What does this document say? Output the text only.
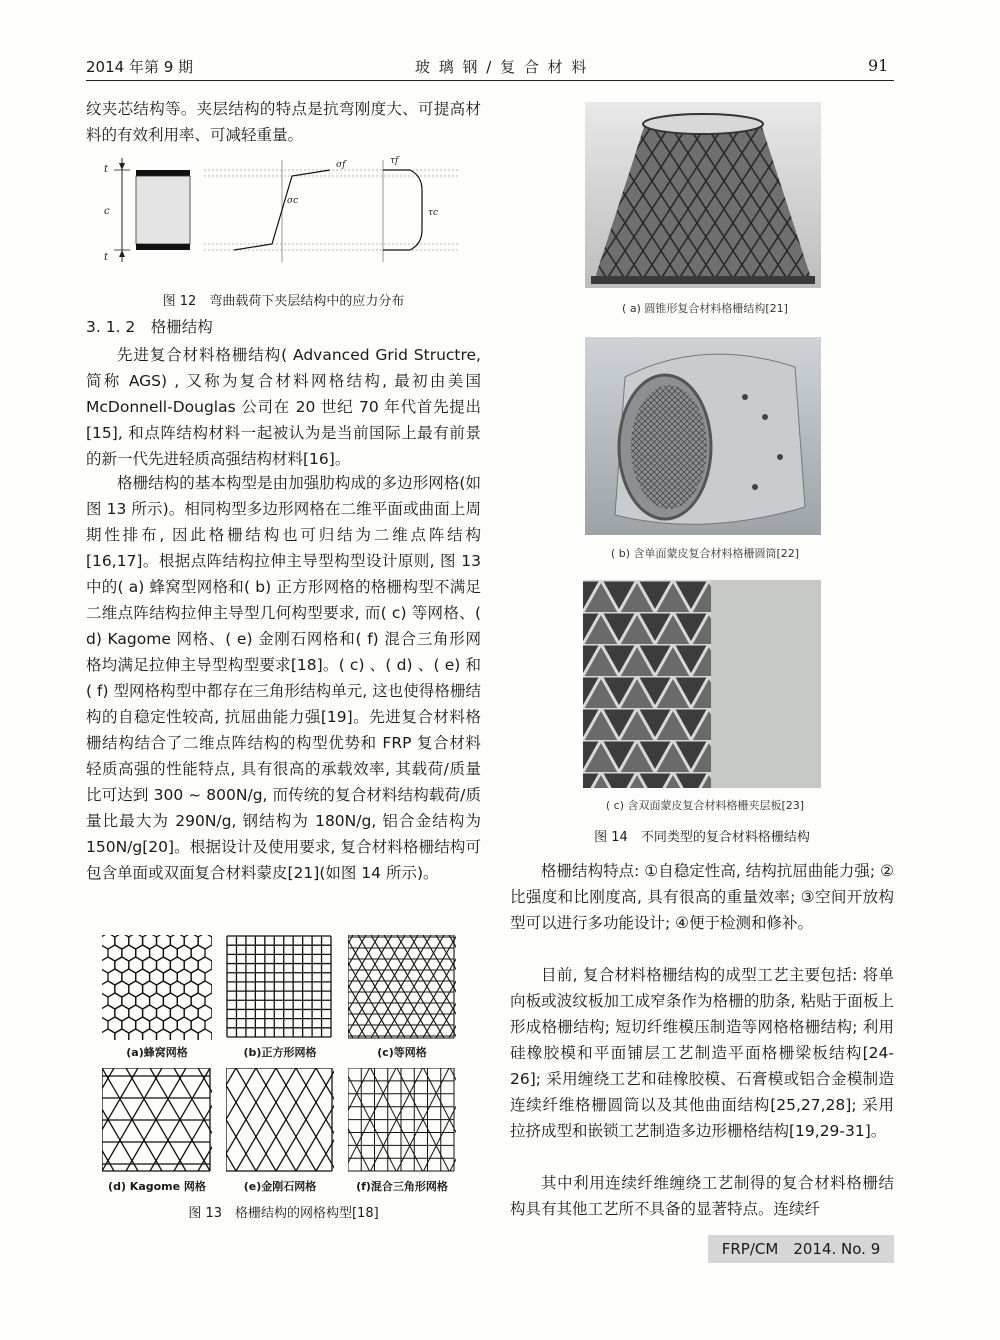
2014 年第 9 期	玻 璃 钢 / 复 合 材 料	91

纹夹芯结构等。夹层结构的特点是抗弯刚度大、可提高材料的有效利用率、可减轻重量。

t
c
t
σf
σc
τf
τc
图 12　弯曲载荷下夹层结构中的应力分布
3. 1. 2　格栅结构

先进复合材料格栅结构( Advanced Grid Structre, 简称 AGS) , 又称为复合材料网格结构, 最初由美国 McDonnell-Douglas 公司在 20 世纪 70 年代首先提出[15], 和点阵结构材料一起被认为是当前国际上最有前景的新一代先进轻质高强结构材料[16]。

格栅结构的基本构型是由加强肋构成的多边形网格(如图 13 所示)。相同构型多边形网格在二维平面或曲面上周期性排布, 因此格栅结构也可归结为二维点阵结构[16,17]。根据点阵结构拉伸主导型构型设计原则, 图 13 中的( a) 蜂窝型网格和( b) 正方形网格的格栅构型不满足二维点阵结构拉伸主导型几何构型要求, 而( c) 等网格、( d) Kagome 网格、( e) 金刚石网格和( f) 混合三角形网格均满足拉伸主导型构型要求[18]。( c) 、( d) 、( e) 和( f) 型网格构型中都存在三角形结构单元, 这也使得格栅结构的自稳定性较高, 抗屈曲能力强[19]。先进复合材料格栅结构结合了二维点阵结构的构型优势和 FRP 复合材料轻质高强的性能特点, 具有很高的承载效率, 其载荷/质量比可达到 300 ~ 800N/g, 而传统的复合材料结构载荷/质量比最大为 290N/g, 钢结构为 180N/g, 铝合金结构为 150N/g[20]。根据设计及使用要求, 复合材料格栅结构可包含单面或双面复合材料蒙皮[21](如图 14 所示)。

(a)蜂窝网格	(b)正方形网格	(c)等网格
(d) Kagome 网格	(e)金刚石网格	(f)混合三角形网格
图 13　格栅结构的网格构型[18]
( a) 圆锥形复合材料格栅结构[21]
( b) 含单面蒙皮复合材料格栅圆筒[22]
( c) 含双面蒙皮复合材料格栅夹层板[23]
图 14　不同类型的复合材料格栅结构

格栅结构特点: ①自稳定性高, 结构抗屈曲能力强; ②比强度和比刚度高, 具有很高的重量效率; ③空间开放构型可以进行多功能设计; ④便于检测和修补。

目前, 复合材料格栅结构的成型工艺主要包括: 将单向板或波纹板加工成窄条作为格栅的肋条, 粘贴于面板上形成格栅结构; 短切纤维模压制造等网格格栅结构; 利用硅橡胶模和平面铺层工艺制造平面格栅梁板结构[24-26]; 采用缠绕工艺和硅橡胶模、石膏模或铝合金模制造连续纤维格栅圆筒以及其他曲面结构[25,27,28]; 采用拉挤成型和嵌锁工艺制造多边形栅格结构[19,29-31]。

其中利用连续纤维缠绕工艺制得的复合材料格栅结构具有其他工艺所不具备的显著特点。连续纤

FRP/CM　2014. No. 9
